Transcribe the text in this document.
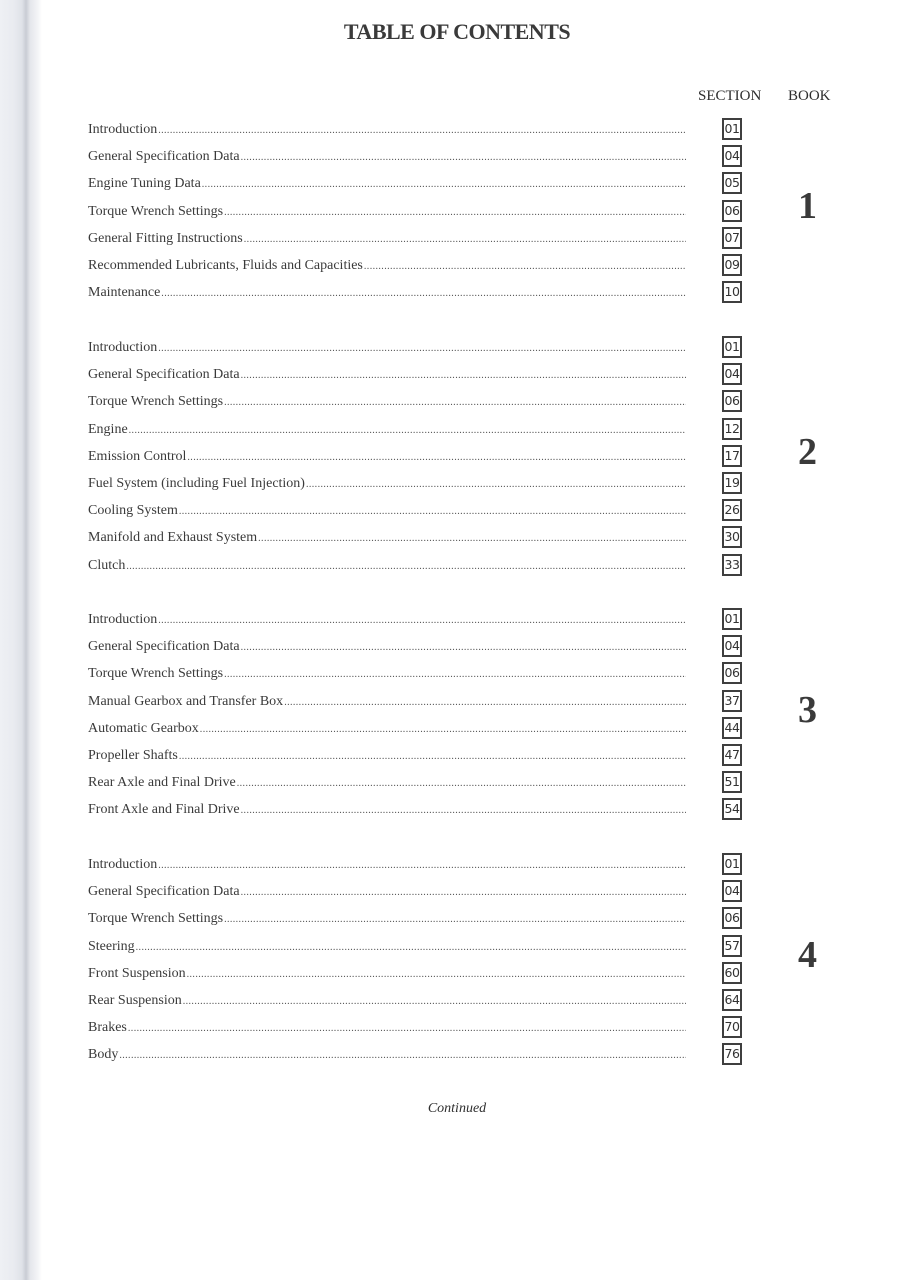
TABLE OF CONTENTS
SECTION BOOK
Introduction .....	01
General Specification Data .....	04
Engine Tuning Data .....	05
Torque Wrench Settings .....	06
General Fitting Instructions .....	07
Recommended Lubricants, Fluids and Capacities .....	09
Maintenance .....	10
1
Introduction .....	01
General Specification Data .....	04
Torque Wrench Settings .....	06
Engine .....	12
Emission Control .....	17
Fuel System (including Fuel Injection) .....	19
Cooling System .....	26
Manifold and Exhaust System .....	30
Clutch .....	33
2
Introduction .....	01
General Specification Data .....	04
Torque Wrench Settings .....	06
Manual Gearbox and Transfer Box .....	37
Automatic Gearbox .....	44
Propeller Shafts .....	47
Rear Axle and Final Drive .....	51
Front Axle and Final Drive .....	54
3
Introduction .....	01
General Specification Data .....	04
Torque Wrench Settings .....	06
Steering .....	57
Front Suspension .....	60
Rear Suspension .....	64
Brakes .....	70
Body .....	76
4
Continued
